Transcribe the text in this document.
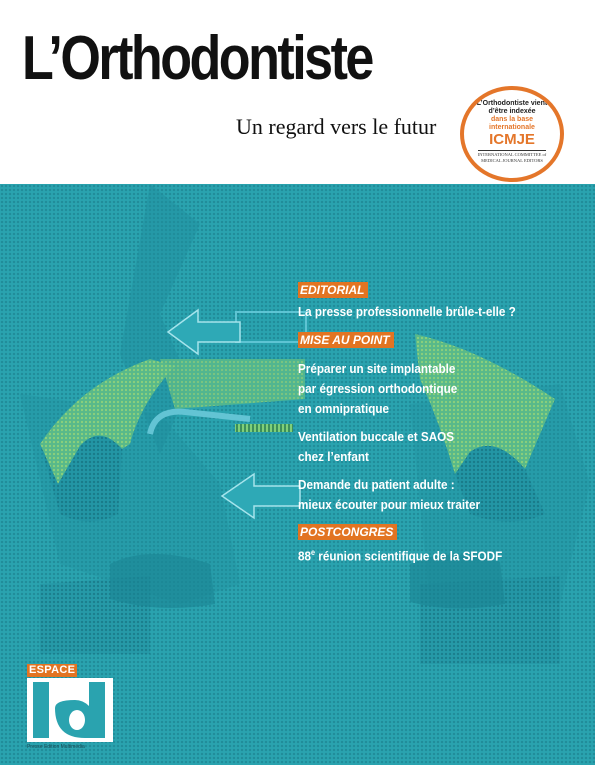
L’Orthodontiste
Un regard vers le futur
L’Orthodontiste vient d’être indexée
dans la base internationale
ICMJE
INTERNATIONAL COMMITTEE of
MEDICAL JOURNAL EDITORS
EDITORIAL
La presse professionnelle brûle-t-elle ?
MISE AU POINT
Préparer un site implantable
par égression orthodontique
en omnipratique
Ventilation buccale et SAOS
chez l’enfant
Demande du patient adulte :
mieux écouter pour mieux traiter
POSTCONGRES
88e réunion scientifique de la SFODF
ESPACE
Presse Edition Multimédia
